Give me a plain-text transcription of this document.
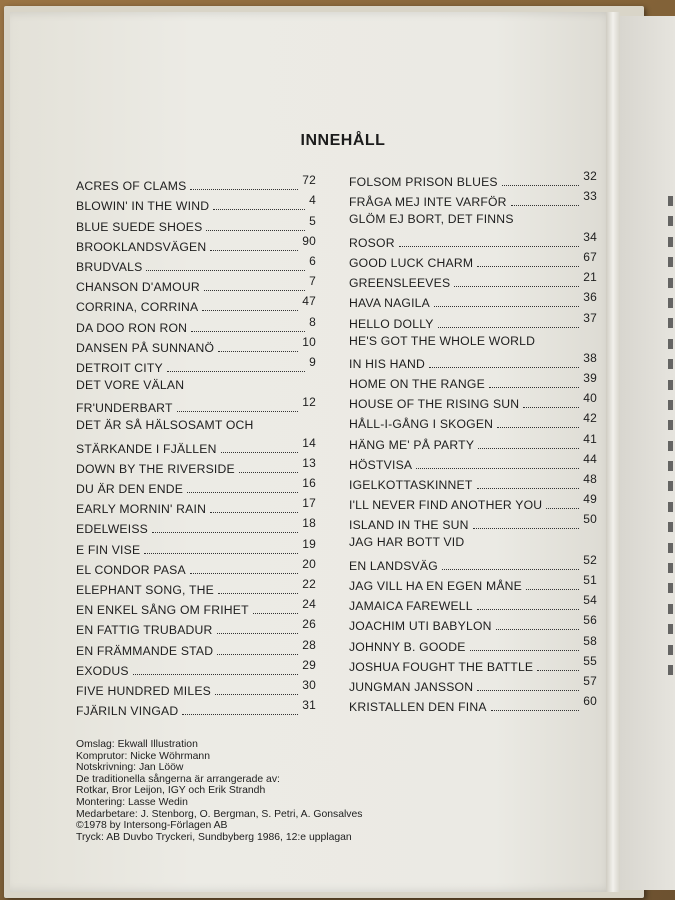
INNEHÅLL
ACRES OF CLAMS	72
BLOWIN' IN THE WIND	4
BLUE SUEDE SHOES	5
BROOKLANDSVÄGEN	90
BRUDVALS	6
CHANSON D'AMOUR	7
CORRINA, CORRINA	47
DA DOO RON RON	8
DANSEN PÅ SUNNANÖ	10
DETROIT CITY	9
DET VORE VÄLAN
FR'UNDERBART	12
DET ÄR SÅ HÄLSOSAMT OCH
STÄRKANDE I FJÄLLEN	14
DOWN BY THE RIVERSIDE	13
DU ÄR DEN ENDE	16
EARLY MORNIN' RAIN	17
EDELWEISS	18
E FIN VISE	19
EL CONDOR PASA	20
ELEPHANT SONG, THE	22
EN ENKEL SÅNG OM FRIHET	24
EN FATTIG TRUBADUR	26
EN FRÄMMANDE STAD	28
EXODUS	29
FIVE HUNDRED MILES	30
FJÄRILN VINGAD	31
FOLSOM PRISON BLUES	32
FRÅGA MEJ INTE VARFÖR	33
GLÖM EJ BORT, DET FINNS
ROSOR	34
GOOD LUCK CHARM	67
GREENSLEEVES	21
HAVA NAGILA	36
HELLO DOLLY	37
HE'S GOT THE WHOLE WORLD
IN HIS HAND	38
HOME ON THE RANGE	39
HOUSE OF THE RISING SUN	40
HÅLL-I-GÅNG I SKOGEN	42
HÄNG ME' PÅ PARTY	41
HÖSTVISA	44
IGELKOTTASKINNET	48
I'LL NEVER FIND ANOTHER YOU	49
ISLAND IN THE SUN	50
JAG HAR BOTT VID
EN LANDSVÄG	52
JAG VILL HA EN EGEN MÅNE	51
JAMAICA FAREWELL	54
JOACHIM UTI BABYLON	56
JOHNNY B. GOODE	58
JOSHUA FOUGHT THE BATTLE	55
JUNGMAN JANSSON	57
KRISTALLEN DEN FINA	60
Omslag: Ekwall Illustration
Komprutor: Nicke Wöhrmann
Notskrivning: Jan Lööw
De traditionella sångerna är arrangerade av:
Rotkar, Bror Leijon, IGY och Erik Strandh
Montering: Lasse Wedin
Medarbetare: J. Stenborg, O. Bergman, S. Petri, A. Gonsalves
©1978 by Intersong-Förlagen AB
Tryck: AB Duvbo Tryckeri, Sundbyberg 1986, 12:e upplagan
